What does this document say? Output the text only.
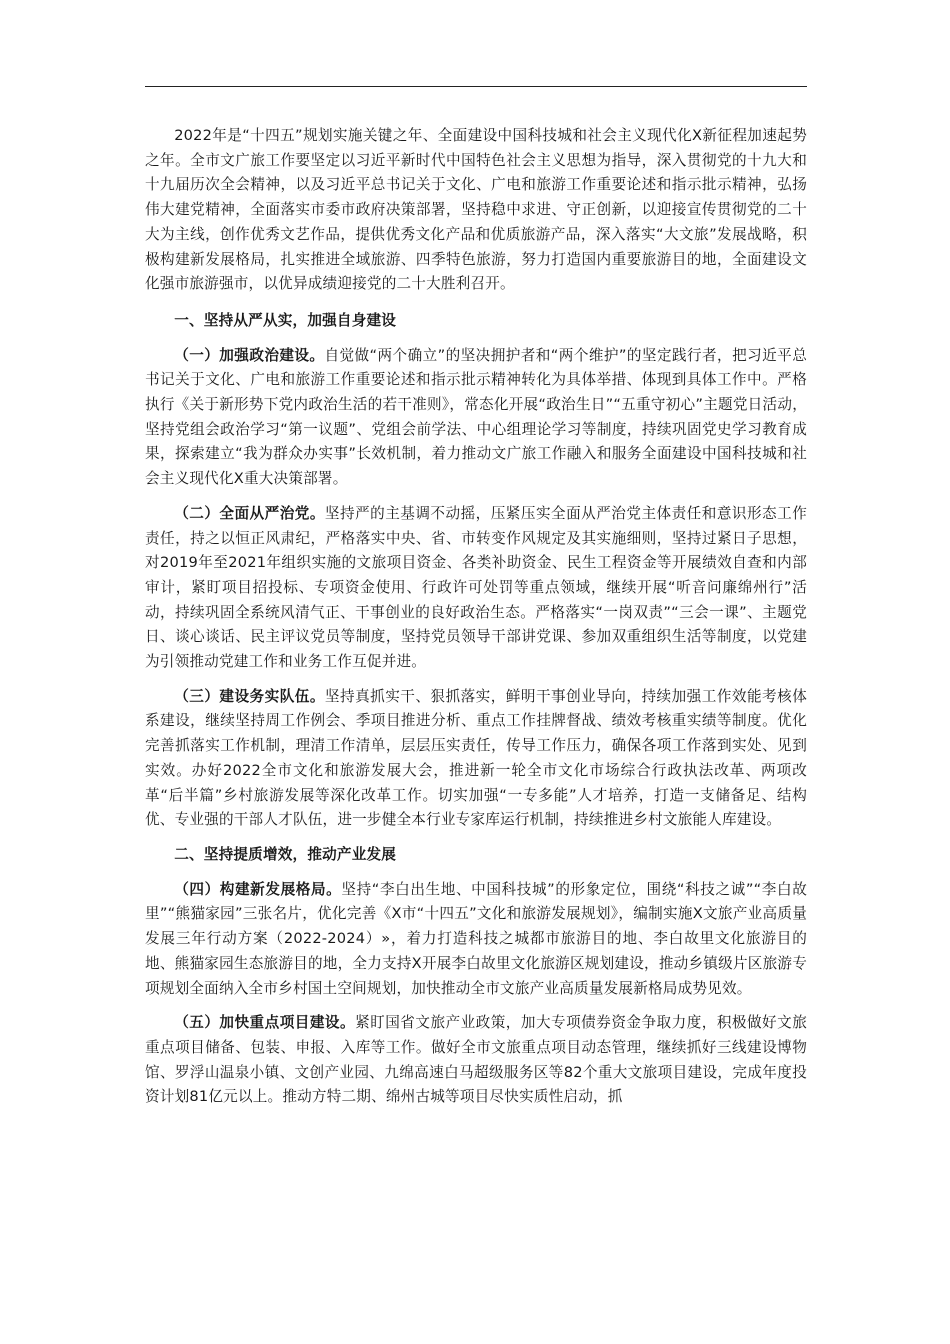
2022年是“十四五”规划实施关键之年、全面建设中国科技城和社会主义现代化X新征程加速起势之年。全市文广旅工作要坚定以习近平新时代中国特色社会主义思想为指导，深入贯彻党的十九大和十九届历次全会精神，以及习近平总书记关于文化、广电和旅游工作重要论述和指示批示精神，弘扬伟大建党精神，全面落实市委市政府决策部署，坚持稳中求进、守正创新，以迎接宣传贯彻党的二十大为主线，创作优秀文艺作品，提供优秀文化产品和优质旅游产品，深入落实“大文旅”发展战略，积极构建新发展格局，扎实推进全域旅游、四季特色旅游，努力打造国内重要旅游目的地，全面建设文化强市旅游强市，以优异成绩迎接党的二十大胜利召开。

一、坚持从严从实，加强自身建设

（一）加强政治建设。自觉做“两个确立”的坚决拥护者和“两个维护”的坚定践行者，把习近平总书记关于文化、广电和旅游工作重要论述和指示批示精神转化为具体举措、体现到具体工作中。严格执行《关于新形势下党内政治生活的若干准则》，常态化开展“政治生日”“五重守初心”主题党日活动，坚持党组会政治学习“第一议题”、党组会前学法、中心组理论学习等制度，持续巩固党史学习教育成果，探索建立“我为群众办实事”长效机制，着力推动文广旅工作融入和服务全面建设中国科技城和社会主义现代化X重大决策部署。

（二）全面从严治党。坚持严的主基调不动摇，压紧压实全面从严治党主体责任和意识形态工作责任，持之以恒正风肃纪，严格落实中央、省、市转变作风规定及其实施细则，坚持过紧日子思想，对2019年至2021年组织实施的文旅项目资金、各类补助资金、民生工程资金等开展绩效自查和内部审计，紧盯项目招投标、专项资金使用、行政许可处罚等重点领域，继续开展“听音问廉绵州行”活动，持续巩固全系统风清气正、干事创业的良好政治生态。严格落实“一岗双责”“三会一课”、主题党日、谈心谈话、民主评议党员等制度，坚持党员领导干部讲党课、参加双重组织生活等制度，以党建为引领推动党建工作和业务工作互促并进。

（三）建设务实队伍。坚持真抓实干、狠抓落实，鲜明干事创业导向，持续加强工作效能考核体系建设，继续坚持周工作例会、季项目推进分析、重点工作挂牌督战、绩效考核重实绩等制度。优化完善抓落实工作机制，理清工作清单，层层压实责任，传导工作压力，确保各项工作落到实处、见到实效。办好2022全市文化和旅游发展大会，推进新一轮全市文化市场综合行政执法改革、两项改革“后半篇”乡村旅游发展等深化改革工作。切实加强“一专多能”人才培养，打造一支储备足、结构优、专业强的干部人才队伍，进一步健全本行业专家库运行机制，持续推进乡村文旅能人库建设。

二、坚持提质增效，推动产业发展

（四）构建新发展格局。坚持“李白出生地、中国科技城”的形象定位，围绕“科技之诚”“李白故里”“熊猫家园”三张名片，优化完善《X市“十四五”文化和旅游发展规划》，编制实施X文旅产业高质量发展三年行动方案（2022-2024）»，着力打造科技之城都市旅游目的地、李白故里文化旅游目的地、熊猫家园生态旅游目的地，全力支持X开展李白故里文化旅游区规划建设，推动乡镇级片区旅游专项规划全面纳入全市乡村国土空间规划，加快推动全市文旅产业高质量发展新格局成势见效。

（五）加快重点项目建设。紧盯国省文旅产业政策，加大专项债券资金争取力度，积极做好文旅重点项目储备、包装、申报、入库等工作。做好全市文旅重点项目动态管理，继续抓好三线建设博物馆、罗浮山温泉小镇、文创产业园、九绵高速白马超级服务区等82个重大文旅项目建设，完成年度投资计划81亿元以上。推动方特二期、绵州古城等项目尽快实质性启动，抓
